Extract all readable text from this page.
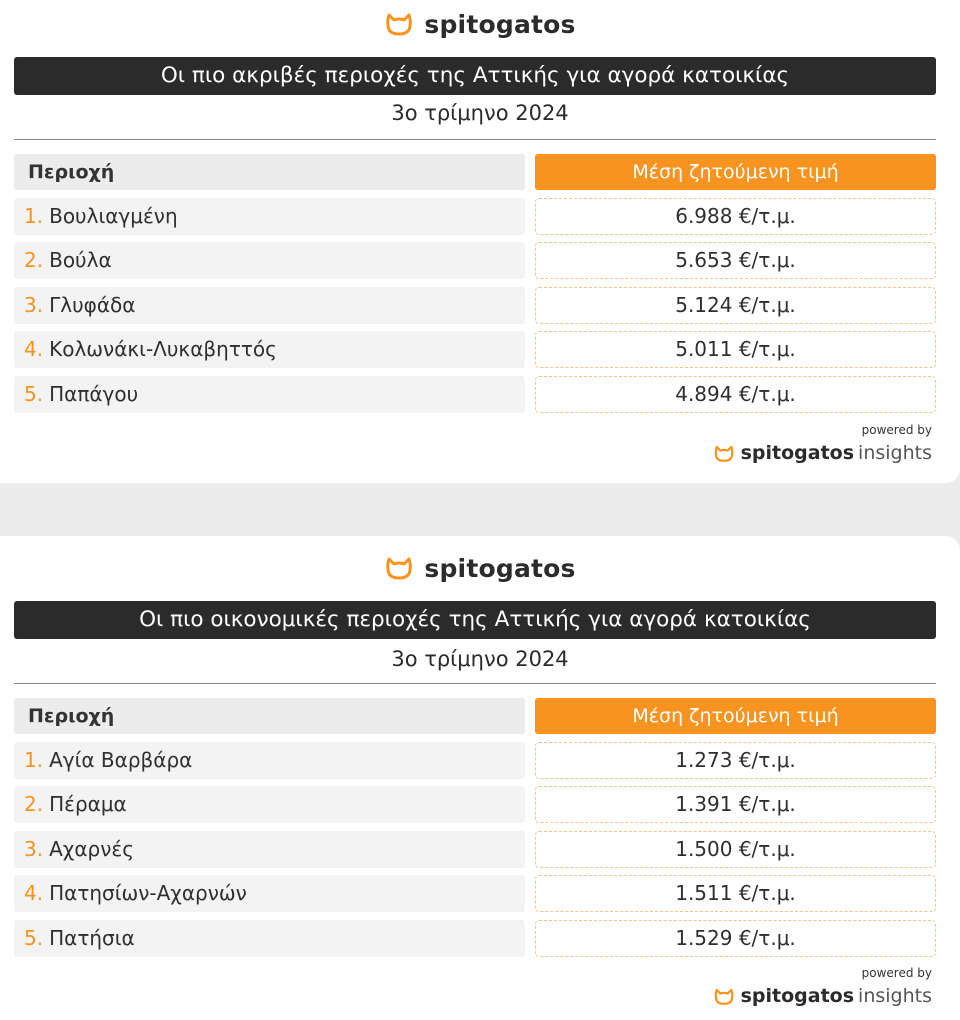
spitogatos
Οι πιο ακριβές περιοχές της Αττικής για αγορά κατοικίας
3ο τρίμηνο 2024
Περιοχή	Μέση ζητούμενη τιμή
1. Βουλιαγμένη	6.988 €/τ.μ.
2. Βούλα	5.653 €/τ.μ.
3. Γλυφάδα	5.124 €/τ.μ.
4. Κολωνάκι-Λυκαβηττός	5.011 €/τ.μ.
5. Παπάγου	4.894 €/τ.μ.
powered by
spitogatos insights
spitogatos
Οι πιο οικονομικές περιοχές της Αττικής για αγορά κατοικίας
3ο τρίμηνο 2024
Περιοχή	Μέση ζητούμενη τιμή
1. Αγία Βαρβάρα	1.273 €/τ.μ.
2. Πέραμα	1.391 €/τ.μ.
3. Αχαρνές	1.500 €/τ.μ.
4. Πατησίων-Αχαρνών	1.511 €/τ.μ.
5. Πατήσια	1.529 €/τ.μ.
powered by
spitogatos insights
